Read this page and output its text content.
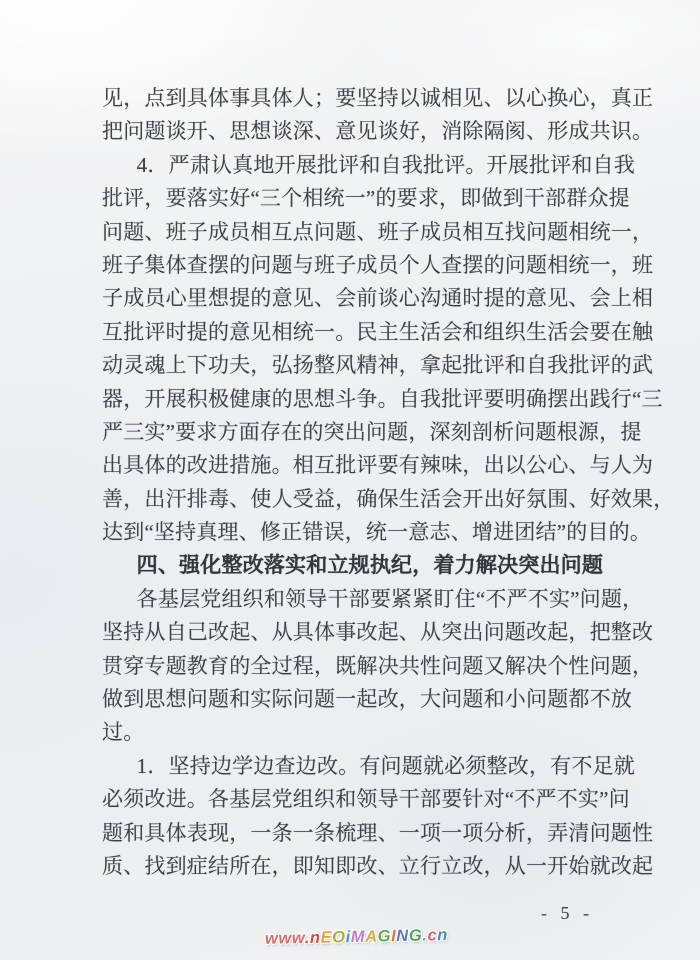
见，点到具体事具体人；要坚持以诚相见、以心换心，真正
把问题谈开、思想谈深、意见谈好，消除隔阂、形成共识。
4．严肃认真地开展批评和自我批评。开展批评和自我
批评，要落实好“三个相统一”的要求，即做到干部群众提
问题、班子成员相互点问题、班子成员相互找问题相统一，
班子集体查摆的问题与班子成员个人查摆的问题相统一，班
子成员心里想提的意见、会前谈心沟通时提的意见、会上相
互批评时提的意见相统一。民主生活会和组织生活会要在触
动灵魂上下功夫，弘扬整风精神，拿起批评和自我批评的武
器，开展积极健康的思想斗争。自我批评要明确摆出践行“三
严三实”要求方面存在的突出问题，深刻剖析问题根源，提
出具体的改进措施。相互批评要有辣味，出以公心、与人为
善，出汗排毒、使人受益，确保生活会开出好氛围、好效果，
达到“坚持真理、修正错误，统一意志、增进团结”的目的。
四、强化整改落实和立规执纪，着力解决突出问题
各基层党组织和领导干部要紧紧盯住“不严不实”问题，
坚持从自己改起、从具体事改起、从突出问题改起，把整改
贯穿专题教育的全过程，既解决共性问题又解决个性问题，
做到思想问题和实际问题一起改，大问题和小问题都不放
过。
1．坚持边学边查边改。有问题就必须整改，有不足就
必须改进。各基层党组织和领导干部要针对“不严不实”问
题和具体表现，一条一条梳理、一项一项分析，弄清问题性
质、找到症结所在，即知即改、立行立改，从一开始就改起
- 5 -
www.nEOiMAGING.cn
